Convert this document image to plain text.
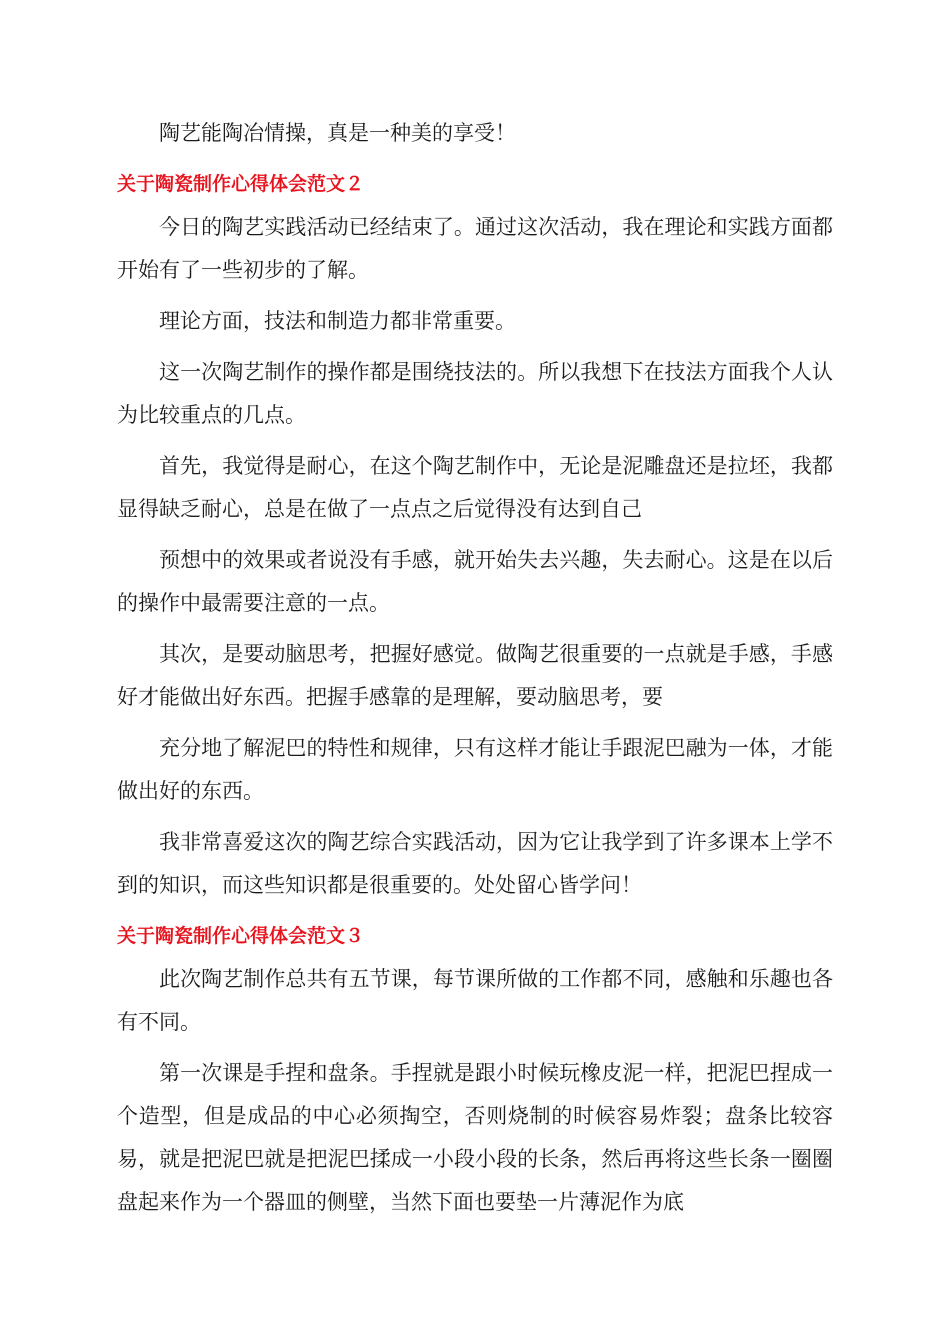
陶艺能陶冶情操，真是一种美的享受！

关于陶瓷制作心得体会范文２

今日的陶艺实践活动已经结束了。通过这次活动，我在理论和实践方面都开始有了一些初步的了解。

理论方面，技法和制造力都非常重要。

这一次陶艺制作的操作都是围绕技法的。所以我想下在技法方面我个人认为比较重点的几点。

首先，我觉得是耐心，在这个陶艺制作中，无论是泥雕盘还是拉坯，我都显得缺乏耐心，总是在做了一点点之后觉得没有达到自己

预想中的效果或者说没有手感，就开始失去兴趣，失去耐心。这是在以后的操作中最需要注意的一点。

其次，是要动脑思考，把握好感觉。做陶艺很重要的一点就是手感，手感好才能做出好东西。把握手感靠的是理解，要动脑思考，要

充分地了解泥巴的特性和规律，只有这样才能让手跟泥巴融为一体，才能做出好的东西。

我非常喜爱这次的陶艺综合实践活动，因为它让我学到了许多课本上学不到的知识，而这些知识都是很重要的。处处留心皆学问！

关于陶瓷制作心得体会范文３

此次陶艺制作总共有五节课，每节课所做的工作都不同，感触和乐趣也各有不同。

第一次课是手捏和盘条。手捏就是跟小时候玩橡皮泥一样，把泥巴捏成一个造型，但是成品的中心必须掏空，否则烧制的时候容易炸裂；盘条比较容易，就是把泥巴就是把泥巴揉成一小段小段的长条，然后再将这些长条一圈圈盘起来作为一个器皿的侧壁，当然下面也要垫一片薄泥作为底
